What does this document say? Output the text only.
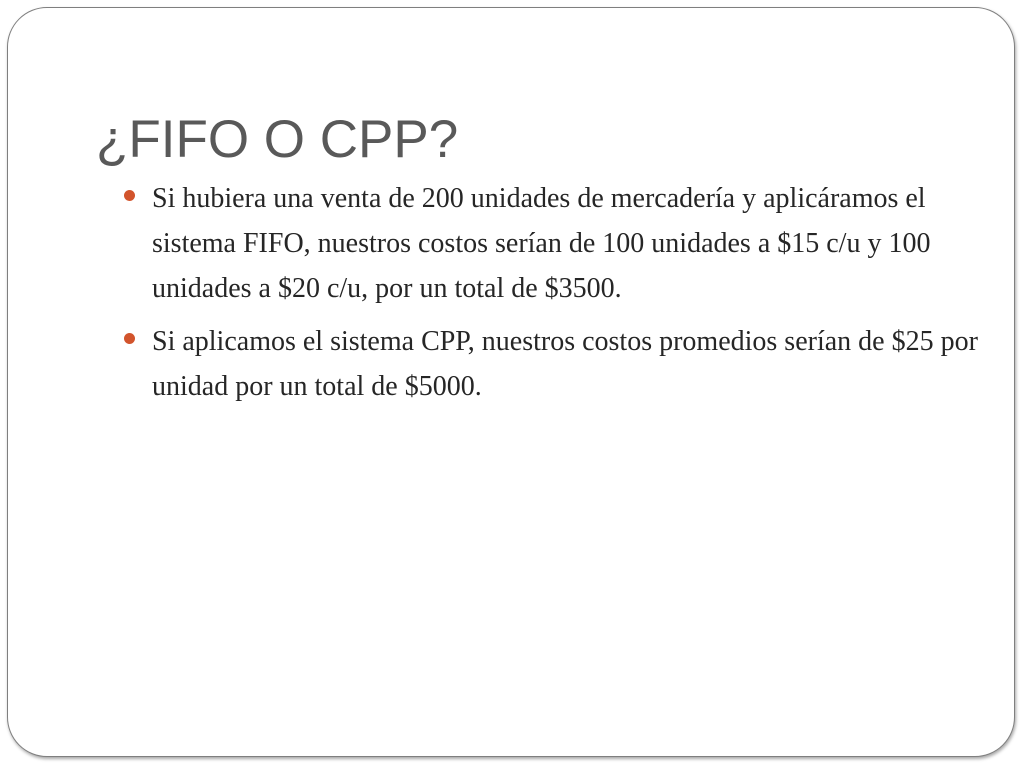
¿FIFO O CPP?
Si hubiera una venta de 200 unidades de mercadería y aplicáramos el sistema FIFO, nuestros costos serían de 100 unidades a $15 c/u y 100 unidades a $20 c/u, por un total de $3500.
Si aplicamos el sistema CPP, nuestros costos promedios serían de $25 por unidad por un total de $5000.
